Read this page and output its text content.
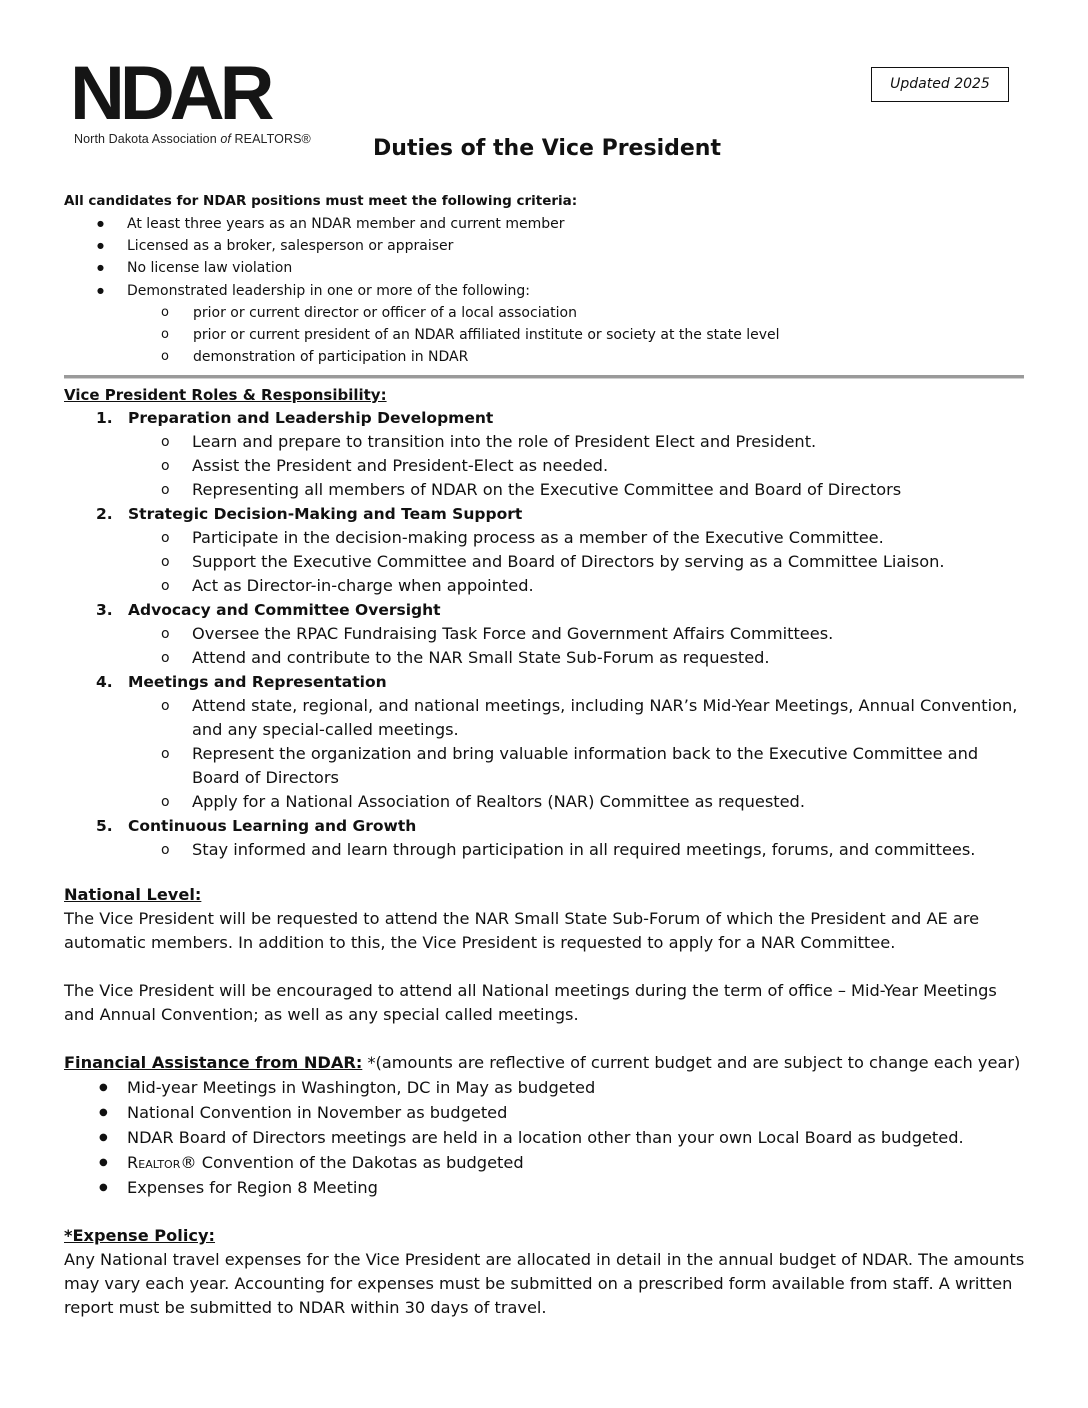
NDAR
North Dakota Association of REALTORS®
Updated 2025
Duties of the Vice President
All candidates for NDAR positions must meet the following criteria:
● At least three years as an NDAR member and current member
● Licensed as a broker, salesperson or appraiser
● No license law violation
● Demonstrated leadership in one or more of the following:
o prior or current director or officer of a local association
o prior or current president of an NDAR affiliated institute or society at the state level
o demonstration of participation in NDAR
Vice President Roles & Responsibility:
1. Preparation and Leadership Development
o Learn and prepare to transition into the role of President Elect and President.
o Assist the President and President-Elect as needed.
o Representing all members of NDAR on the Executive Committee and Board of Directors
2. Strategic Decision-Making and Team Support
o Participate in the decision-making process as a member of the Executive Committee.
o Support the Executive Committee and Board of Directors by serving as a Committee Liaison.
o Act as Director-in-charge when appointed.
3. Advocacy and Committee Oversight
o Oversee the RPAC Fundraising Task Force and Government Affairs Committees.
o Attend and contribute to the NAR Small State Sub-Forum as requested.
4. Meetings and Representation
o Attend state, regional, and national meetings, including NAR’s Mid-Year Meetings, Annual Convention, and any special-called meetings.
o Represent the organization and bring valuable information back to the Executive Committee and Board of Directors
o Apply for a National Association of Realtors (NAR) Committee as requested.
5. Continuous Learning and Growth
o Stay informed and learn through participation in all required meetings, forums, and committees.
National Level:
The Vice President will be requested to attend the NAR Small State Sub-Forum of which the President and AE are automatic members. In addition to this, the Vice President is requested to apply for a NAR Committee.
The Vice President will be encouraged to attend all National meetings during the term of office – Mid-Year Meetings and Annual Convention; as well as any special called meetings.
Financial Assistance from NDAR: *(amounts are reflective of current budget and are subject to change each year)
● Mid-year Meetings in Washington, DC in May as budgeted
● National Convention in November as budgeted
● NDAR Board of Directors meetings are held in a location other than your own Local Board as budgeted.
● Realtor® Convention of the Dakotas as budgeted
● Expenses for Region 8 Meeting
*Expense Policy:
Any National travel expenses for the Vice President are allocated in detail in the annual budget of NDAR. The amounts may vary each year. Accounting for expenses must be submitted on a prescribed form available from staff. A written report must be submitted to NDAR within 30 days of travel.
